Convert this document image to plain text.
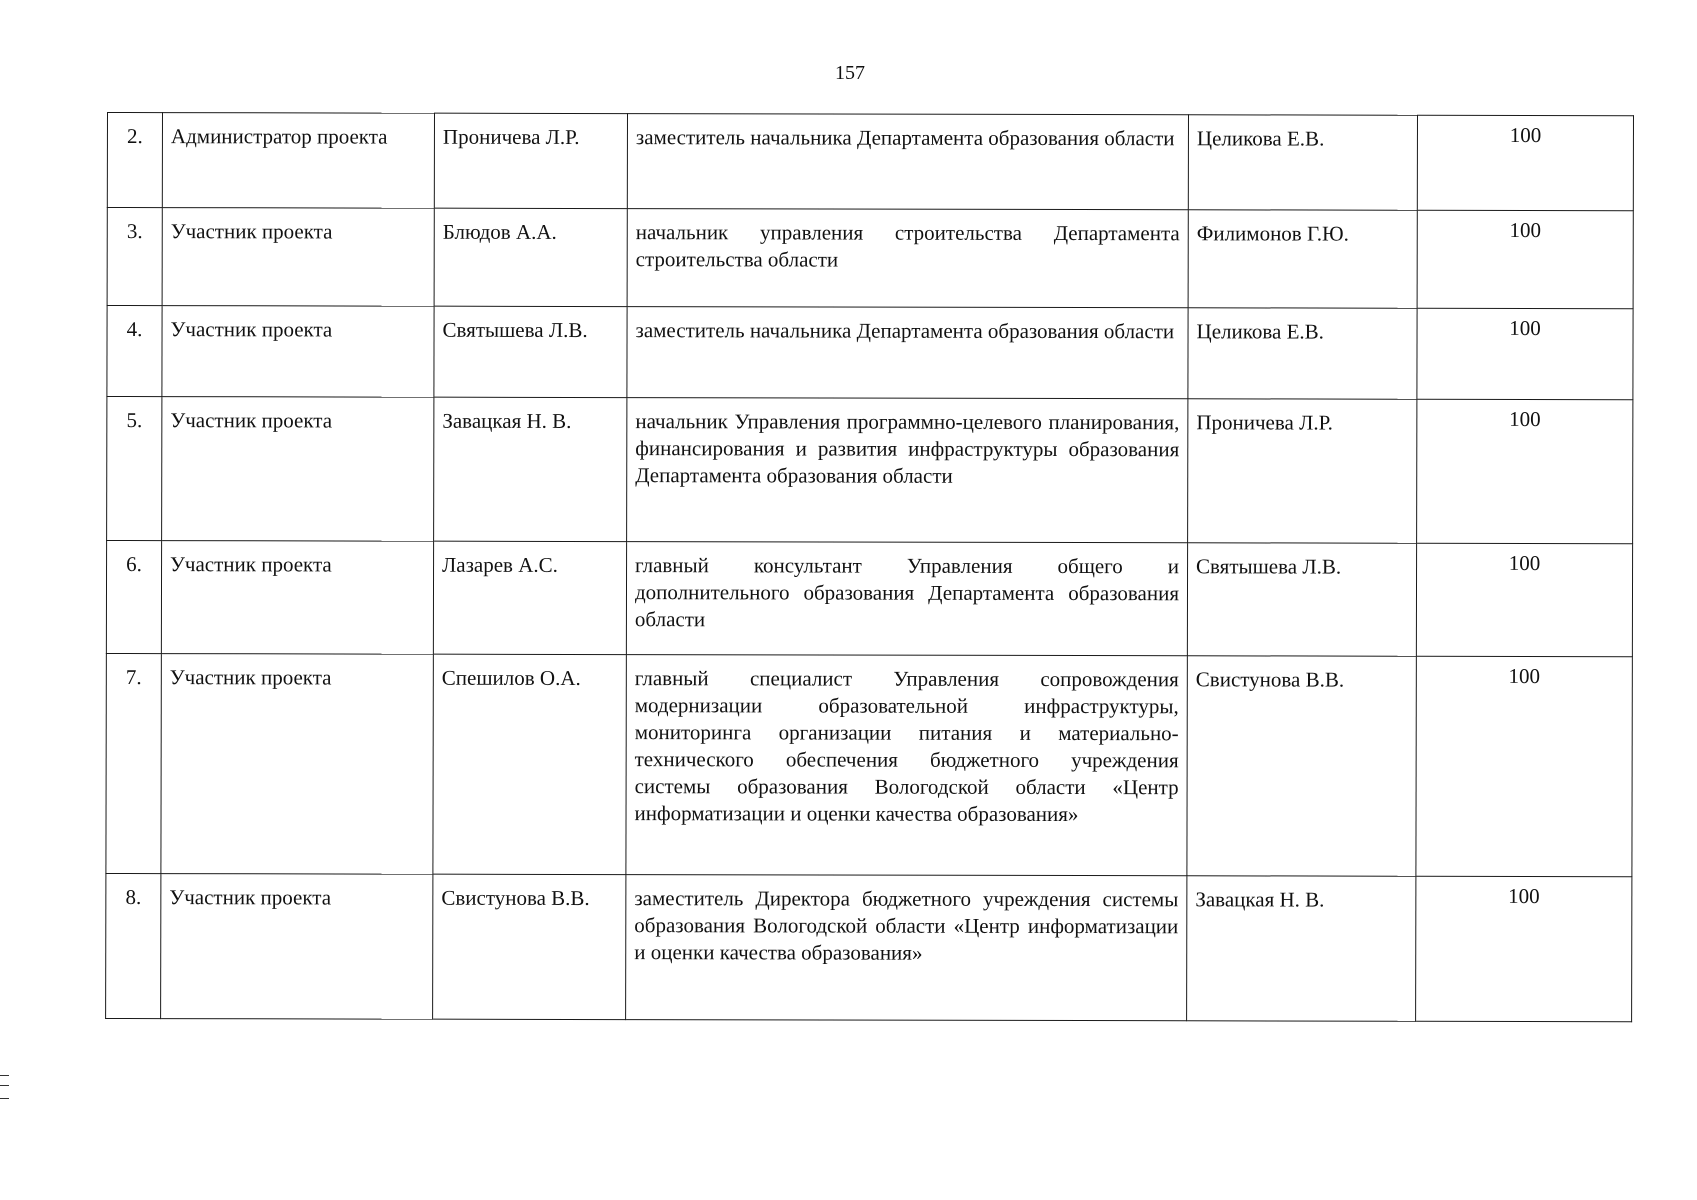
157
2.	Администратор проекта	Проничева Л.Р.	заместитель начальника Департамента образования области	Целикова Е.В.	100
3.	Участник проекта	Блюдов А.А.	начальник управления строительства Департамента строительства области	Филимонов Г.Ю.	100
4.	Участник проекта	Святышева Л.В.	заместитель начальника Департамента образования области	Целикова Е.В.	100
5.	Участник проекта	Завацкая Н. В.	начальник Управления программно-целевого планирования, финансирования и развития инфраструктуры образования Департамента образования области	Проничева Л.Р.	100
6.	Участник проекта	Лазарев А.С.	главный консультант Управления общего и дополнительного образования Департамента образования области	Святышева Л.В.	100
7.	Участник проекта	Спешилов О.А.	главный специалист Управления сопровождения модернизации образовательной инфраструктуры, мониторинга организации питания и материально-технического обеспечения бюджетного учреждения системы образования Вологодской области «Центр информатизации и оценки качества образования»	Свистунова В.В.	100
8.	Участник проекта	Свистунова В.В.	заместитель Директора бюджетного учреждения системы образования Вологодской области «Центр информатизации и оценки качества образования»	Завацкая Н. В.	100
